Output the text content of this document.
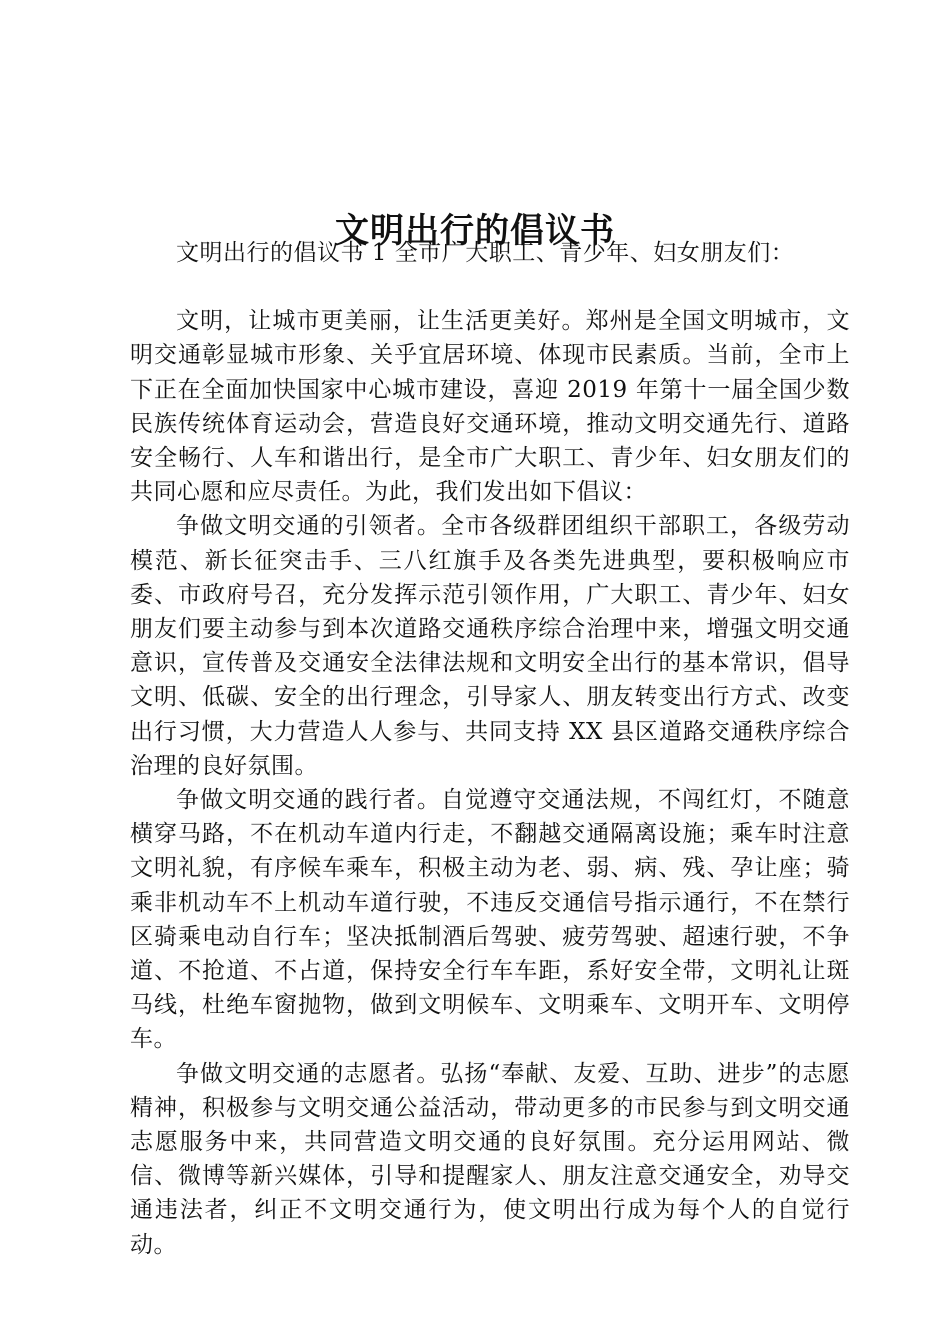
文明出行的倡议书

文明出行的倡议书 1 全市广大职工、青少年、妇女朋友们：

文明，让城市更美丽，让生活更美好。郑州是全国文明城市，文明交通彰显城市形象、关乎宜居环境、体现市民素质。当前，全市上下正在全面加快国家中心城市建设，喜迎 2019 年第十一届全国少数民族传统体育运动会，营造良好交通环境，推动文明交通先行、道路安全畅行、人车和谐出行，是全市广大职工、青少年、妇女朋友们的共同心愿和应尽责任。为此，我们发出如下倡议：

争做文明交通的引领者。全市各级群团组织干部职工，各级劳动模范、新长征突击手、三八红旗手及各类先进典型，要积极响应市委、市政府号召，充分发挥示范引领作用，广大职工、青少年、妇女朋友们要主动参与到本次道路交通秩序综合治理中来，增强文明交通意识，宣传普及交通安全法律法规和文明安全出行的基本常识，倡导文明、低碳、安全的出行理念，引导家人、朋友转变出行方式、改变出行习惯，大力营造人人参与、共同支持 XX 县区道路交通秩序综合治理的良好氛围。

争做文明交通的践行者。自觉遵守交通法规，不闯红灯，不随意横穿马路，不在机动车道内行走，不翻越交通隔离设施；乘车时注意文明礼貌，有序候车乘车，积极主动为老、弱、病、残、孕让座；骑乘非机动车不上机动车道行驶，不违反交通信号指示通行，不在禁行区骑乘电动自行车；坚决抵制酒后驾驶、疲劳驾驶、超速行驶，不争道、不抢道、不占道，保持安全行车车距，系好安全带，文明礼让斑马线，杜绝车窗抛物，做到文明候车、文明乘车、文明开车、文明停车。

争做文明交通的志愿者。弘扬“奉献、友爱、互助、进步”的志愿精神，积极参与文明交通公益活动，带动更多的市民参与到文明交通志愿服务中来，共同营造文明交通的良好氛围。充分运用网站、微信、微博等新兴媒体，引导和提醒家人、朋友注意交通安全，劝导交通违法者，纠正不文明交通行为，使文明出行成为每个人的自觉行动。
